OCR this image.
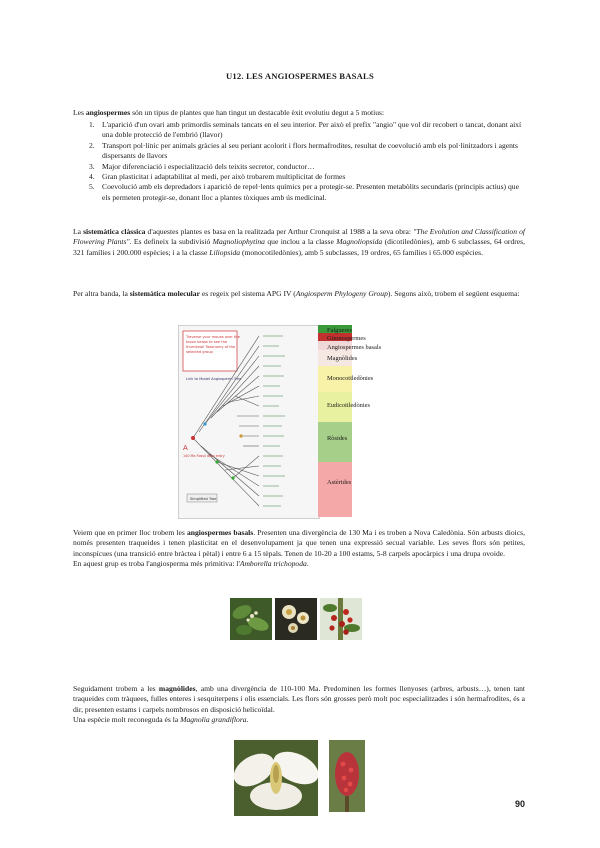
U12. LES ANGIOSPERMES BASALS
Les angiospermes són un tipus de plantes que han tingut un destacable èxit evolutiu degut a 5 motius:
1. L'aparició d'un ovari amb primordis seminals tancats en el seu interior. Per això el prefix "angio" que vol dir recobert o tancat, donant així una doble protecció de l'embrió (llavor)
2. Transport pol·línic per animals gràcies al seu periant acolorit i flors hermafrodites, resultat de coevolució amb els pol·linitzadors i agents dispersants de llavors
3. Major diferenciació i especialització dels teixits secretor, conductor…
4. Gran plasticitat i adaptabilitat al medi, per això trobarem multiplicitat de formes
5. Coevolució amb els depredadors i aparició de repel·lents químics per a protegir-se. Presenten metabòlits secundaris (principis actius) que els permeten protegir-se, donant lloc a plantes tòxiques amb ús medicinal.
La sistemàtica clàssica d'aquestes plantes es basa en la realitzada per Arthur Cronquist al 1988 a la seva obra: "The Evolution and Classification of Flowering Plants". Es defineix la subdivisió Magnoliophytina que inclou a la classe Magnoliopsida (dicotiledònies), amb 6 subclasses, 64 ordres, 321 famílies i 200.000 espècies; i a la classe Liliopsida (monocotiledònies), amb 5 subclasses, 19 ordres, 65 famílies i 65.000 espècies.
Per altra banda, la sistemàtica molecular es regeix pel sistema APG IV (Angiosperm Phylogeny Group). Segons això, trobem el següent esquema:
Traverse your mouse over the
taxon below to see the
thumbnail Taxonomy of the
selected group
Link to Model Angiosperm Tree
A
140 Ma Fossil data entry
Simplified Tree
Falgueres
Gimnospermes
Angiospermes basals
Magnòlides
Monocotiledònies
Eudicotiledònies
Ròsides
Astèrides
Veiem que en primer lloc trobem les angiospermes basals. Presenten una divergència de 130 Ma i es troben a Nova Caledònia. Són arbusts dioics, només presenten traqueides i tenen plasticitat en el desenvolupament ja que tenen una expressió secual variable. Les seves flors són petites, inconspícues (una transició entre bràctea i pètal) i entre 6 a 15 tèpals. Tenen de 10-20 a 100 estams, 5-8 carpels apocàrpics i una drupa ovoide.
En aquest grup es troba l'angiosperma més primitiva: l'Amborella trichopoda.
Seguidament trobem a les magnòlides, amb una divergència de 110-100 Ma. Predominen les formes llenyoses (arbres, arbusts…), tenen tant traqueides com tràquees, fulles enteres i sesquiterpens i olis essencials. Les flors són grosses però molt poc especialitzades i són hermafrodites, és a dir, presenten estams i carpels nombrosos en disposició helicoïdal.
Una espècie molt reconeguda és la Magnolia grandiflora.
90
